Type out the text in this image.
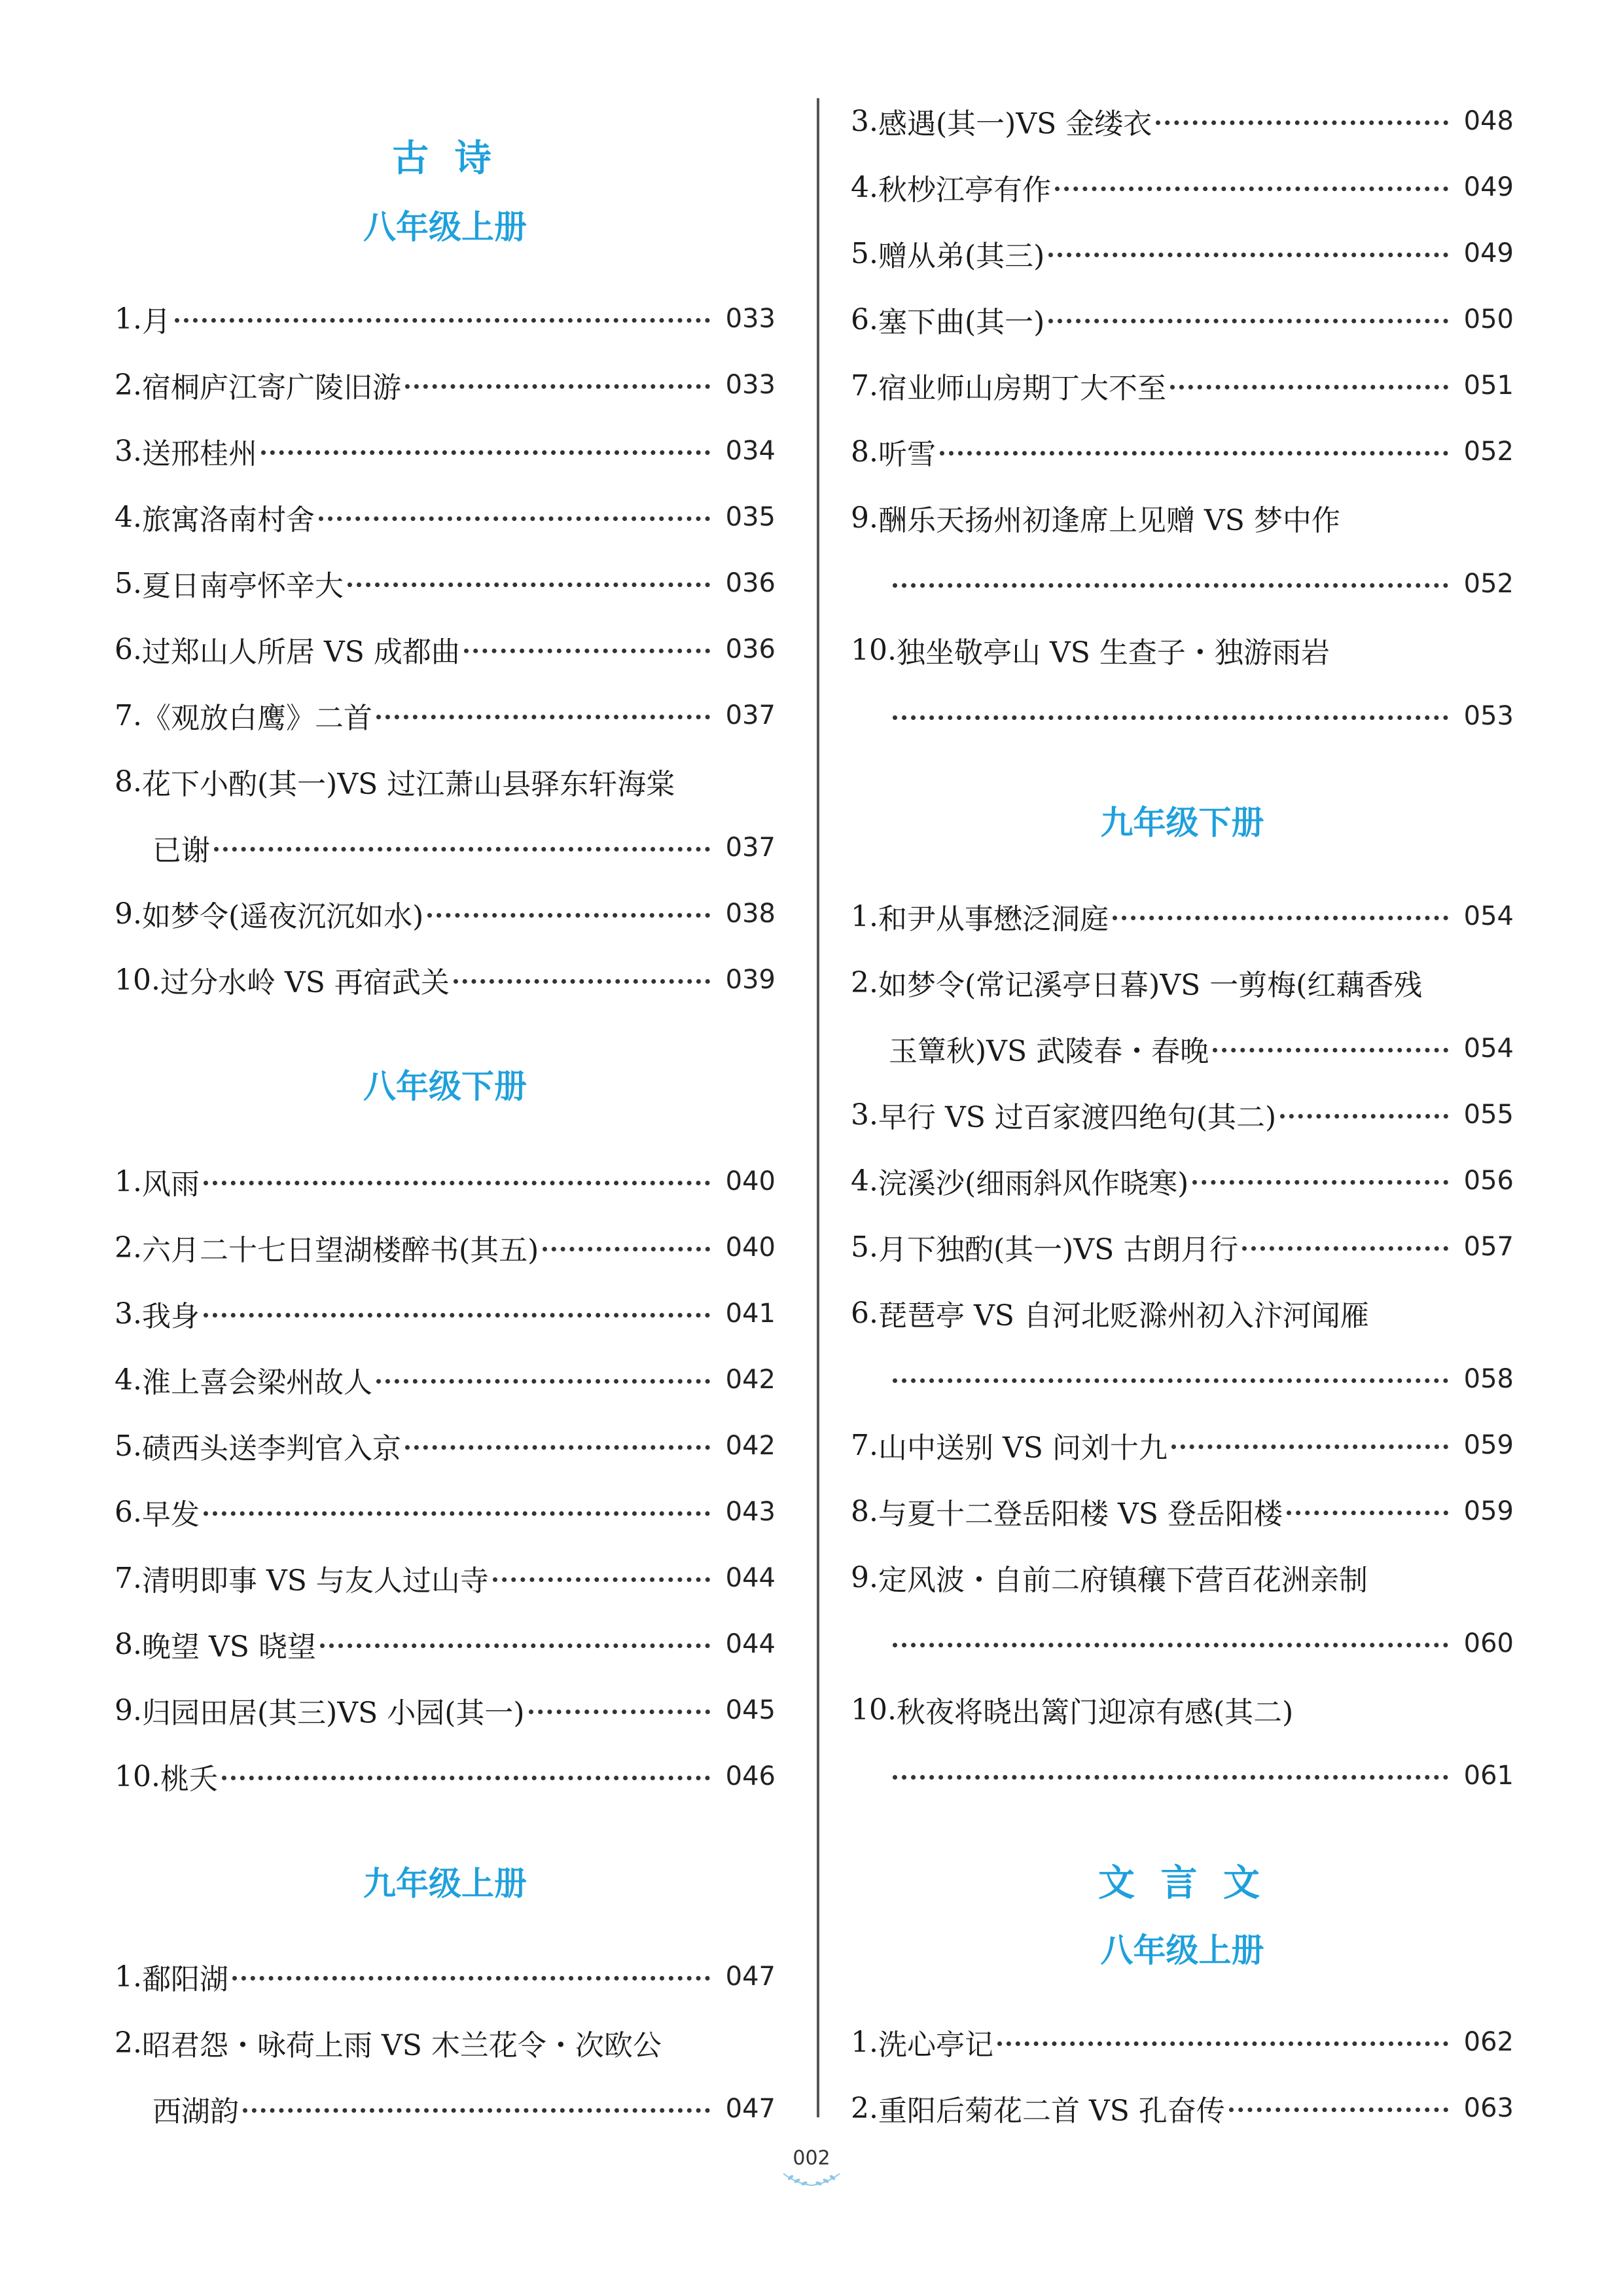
古 诗
八年级上册
1. 月	033
2. 宿桐庐江寄广陵旧游	033
3. 送邢桂州	034
4. 旅寓洛南村舍	035
5. 夏日南亭怀辛大	036
6. 过郑山人所居 VS 成都曲	036
7. 《观放白鹰》二首	037
8. 花下小酌(其一)VS 过江萧山县驿东轩海棠
已谢	037
9. 如梦令(遥夜沉沉如水)	038
10. 过分水岭 VS 再宿武关	039
八年级下册
1. 风雨	040
2. 六月二十七日望湖楼醉书(其五)	040
3. 我身	041
4. 淮上喜会梁州故人	042
5. 碛西头送李判官入京	042
6. 早发	043
7. 清明即事 VS 与友人过山寺	044
8. 晚望 VS 晓望	044
9. 归园田居(其三)VS 小园(其一)	045
10. 桃夭	046
九年级上册
1. 鄱阳湖	047
2. 昭君怨・咏荷上雨 VS 木兰花令・次欧公
西湖韵	047
3. 感遇(其一)VS 金缕衣	048
4. 秋杪江亭有作	049
5. 赠从弟(其三)	049
6. 塞下曲(其一)	050
7. 宿业师山房期丁大不至	051
8. 听雪	052
9. 酬乐天扬州初逢席上见赠 VS 梦中作
052
10. 独坐敬亭山 VS 生查子・独游雨岩
053
九年级下册
1. 和尹从事懋泛洞庭	054
2. 如梦令(常记溪亭日暮)VS 一剪梅(红藕香残
玉簟秋)VS 武陵春・春晚	054
3. 早行 VS 过百家渡四绝句(其二)	055
4. 浣溪沙(细雨斜风作晓寒)	056
5. 月下独酌(其一)VS 古朗月行	057
6. 琵琶亭 VS 自河北贬滁州初入汴河闻雁
058
7. 山中送别 VS 问刘十九	059
8. 与夏十二登岳阳楼 VS 登岳阳楼	059
9. 定风波・自前二府镇穰下营百花洲亲制
060
10. 秋夜将晓出篱门迎凉有感(其二)
061
文 言 文
八年级上册
1. 洗心亭记	062
2. 重阳后菊花二首 VS 孔奋传	063
002
